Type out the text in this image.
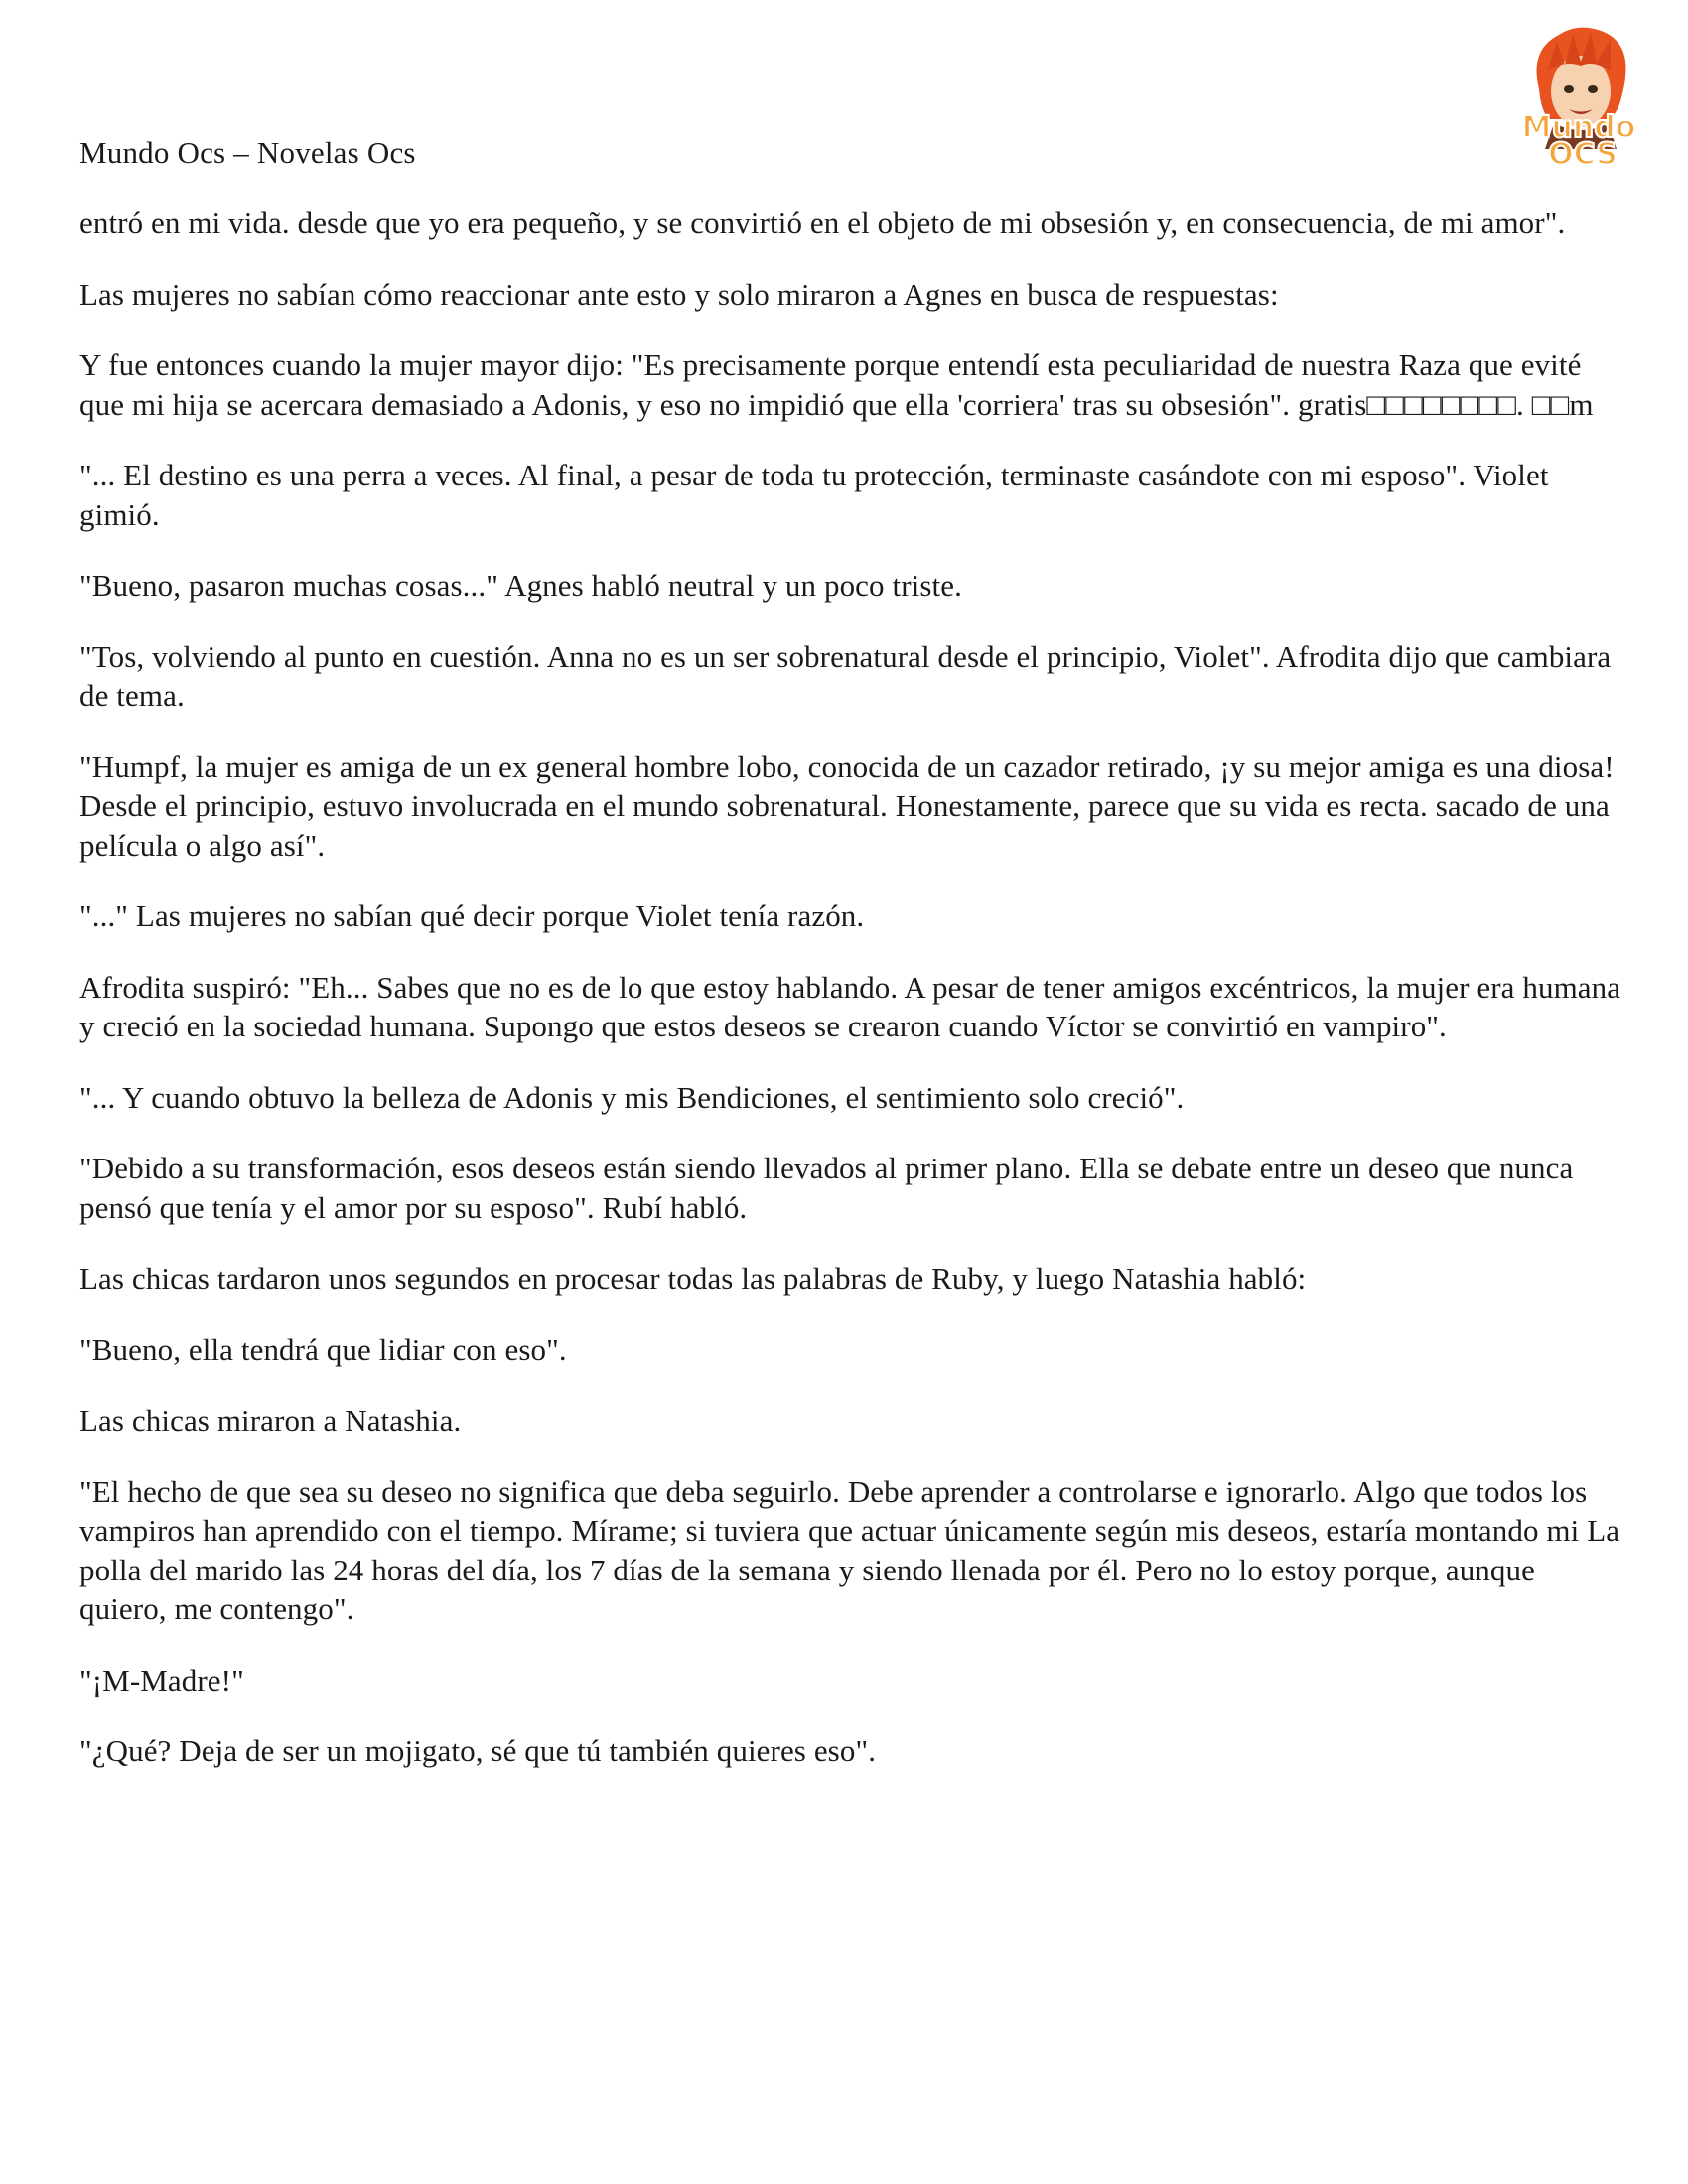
Mundo
OCS
Mundo Ocs – Novelas Ocs

entró en mi vida. desde que yo era pequeño, y se convirtió en el objeto de mi obsesión y, en consecuencia, de mi amor".

Las mujeres no sabían cómo reaccionar ante esto y solo miraron a Agnes en busca de respuestas:

Y fue entonces cuando la mujer mayor dijo: "Es precisamente porque entendí esta peculiaridad de nuestra Raza que evité que mi hija se acercara demasiado a Adonis, y eso no impidió que ella 'corriera' tras su obsesión". gratis□□□□□□□□. □□m

"... El destino es una perra a veces. Al final, a pesar de toda tu protección, terminaste casándote con mi esposo". Violet gimió.

"Bueno, pasaron muchas cosas..." Agnes habló neutral y un poco triste.

"Tos, volviendo al punto en cuestión. Anna no es un ser sobrenatural desde el principio, Violet". Afrodita dijo que cambiara de tema.

"Humpf, la mujer es amiga de un ex general hombre lobo, conocida de un cazador retirado, ¡y su mejor amiga es una diosa! Desde el principio, estuvo involucrada en el mundo sobrenatural. Honestamente, parece que su vida es recta. sacado de una película o algo así".

"..." Las mujeres no sabían qué decir porque Violet tenía razón.

Afrodita suspiró: "Eh... Sabes que no es de lo que estoy hablando. A pesar de tener amigos excéntricos, la mujer era humana y creció en la sociedad humana. Supongo que estos deseos se crearon cuando Víctor se convirtió en vampiro".

"... Y cuando obtuvo la belleza de Adonis y mis Bendiciones, el sentimiento solo creció".

"Debido a su transformación, esos deseos están siendo llevados al primer plano. Ella se debate entre un deseo que nunca pensó que tenía y el amor por su esposo". Rubí habló.

Las chicas tardaron unos segundos en procesar todas las palabras de Ruby, y luego Natashia habló:

"Bueno, ella tendrá que lidiar con eso".

Las chicas miraron a Natashia.

"El hecho de que sea su deseo no significa que deba seguirlo. Debe aprender a controlarse e ignorarlo. Algo que todos los vampiros han aprendido con el tiempo. Mírame; si tuviera que actuar únicamente según mis deseos, estaría montando mi La polla del marido las 24 horas del día, los 7 días de la semana y siendo llenada por él. Pero no lo estoy porque, aunque quiero, me contengo".

"¡M-Madre!"

"¿Qué? Deja de ser un mojigato, sé que tú también quieres eso".
